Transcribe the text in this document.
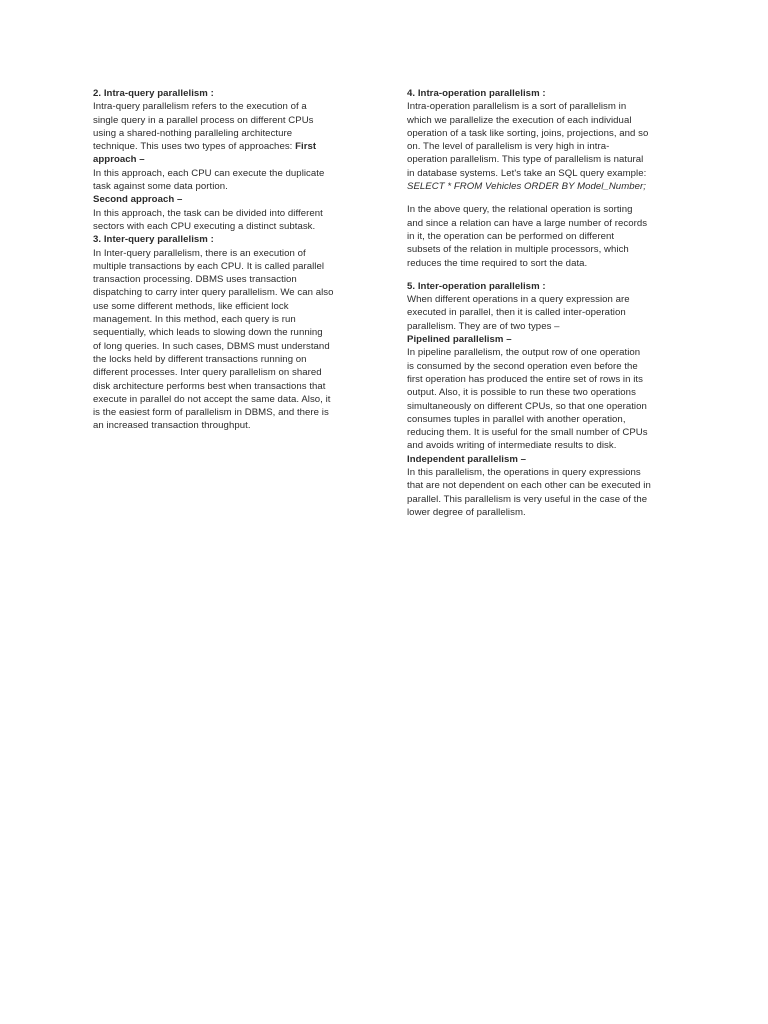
2. Intra-query parallelism :

Intra-query parallelism refers to the execution of a
single query in a parallel process on different CPUs
using a shared-nothing paralleling architecture
technique. This uses two types of approaches: First
approach –

In this approach, each CPU can execute the duplicate
task against some data portion.

Second approach –

In this approach, the task can be divided into different
sectors with each CPU executing a distinct subtask.

3. Inter-query parallelism :

In Inter-query parallelism, there is an execution of
multiple transactions by each CPU. It is called parallel
transaction processing. DBMS uses transaction
dispatching to carry inter query parallelism. We can also
use some different methods, like efficient lock
management. In this method, each query is run
sequentially, which leads to slowing down the running
of long queries. In such cases, DBMS must understand
the locks held by different transactions running on
different processes. Inter query parallelism on shared
disk architecture performs best when transactions that
execute in parallel do not accept the same data. Also, it
is the easiest form of parallelism in DBMS, and there is
an increased transaction throughput.

4. Intra-operation parallelism :

Intra-operation parallelism is a sort of parallelism in
which we parallelize the execution of each individual
operation of a task like sorting, joins, projections, and so
on. The level of parallelism is very high in intra-
operation parallelism. This type of parallelism is natural
in database systems. Let's take an SQL query example:

SELECT * FROM Vehicles ORDER BY Model_Number;

In the above query, the relational operation is sorting
and since a relation can have a large number of records
in it, the operation can be performed on different
subsets of the relation in multiple processors, which
reduces the time required to sort the data.

5. Inter-operation parallelism :

When different operations in a query expression are
executed in parallel, then it is called inter-operation
parallelism. They are of two types –

Pipelined parallelism –

In pipeline parallelism, the output row of one operation
is consumed by the second operation even before the
first operation has produced the entire set of rows in its
output. Also, it is possible to run these two operations
simultaneously on different CPUs, so that one operation
consumes tuples in parallel with another operation,
reducing them. It is useful for the small number of CPUs
and avoids writing of intermediate results to disk.

Independent parallelism –

In this parallelism, the operations in query expressions
that are not dependent on each other can be executed in
parallel. This parallelism is very useful in the case of the
lower degree of parallelism.
